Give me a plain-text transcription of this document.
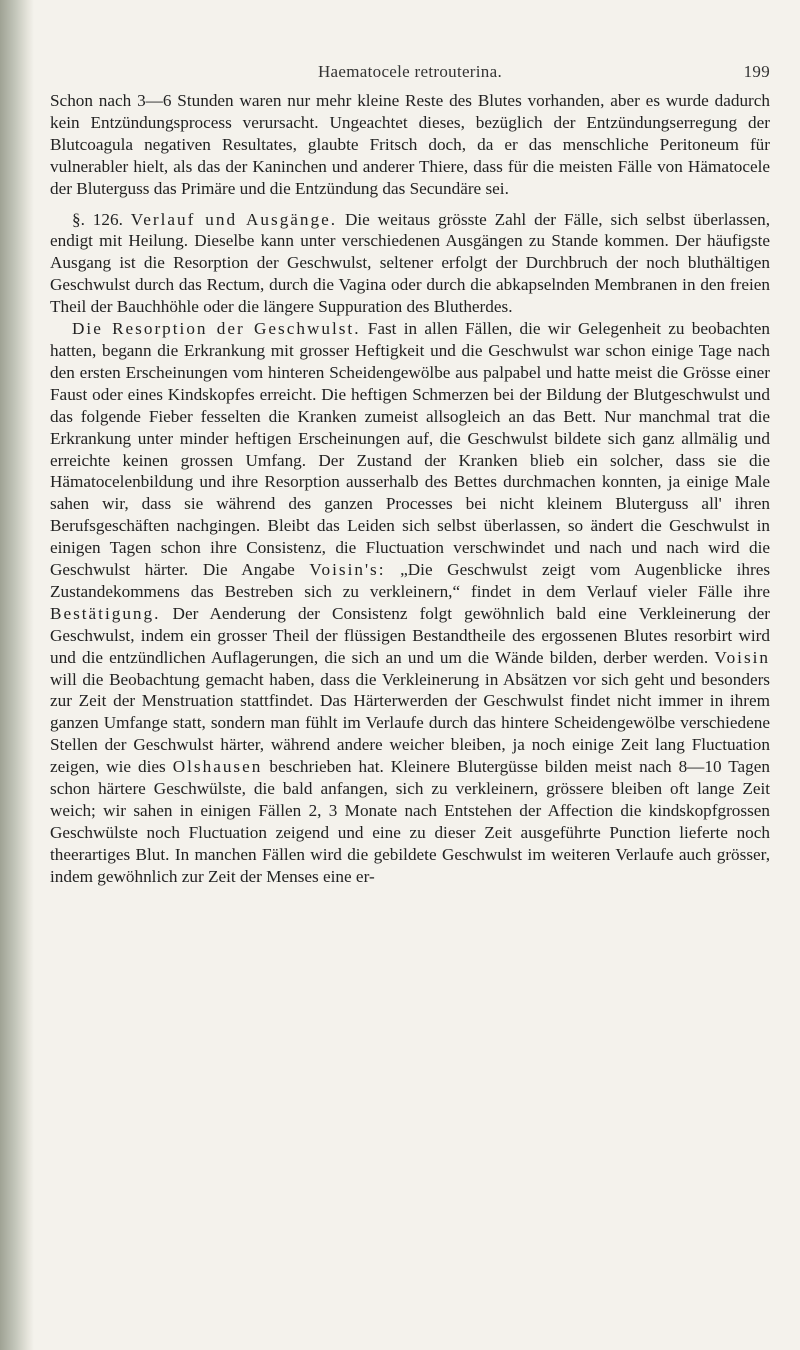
Haematocele retrouterina.	199

Schon nach 3—6 Stunden waren nur mehr kleine Reste des Blutes vorhanden, aber es wurde dadurch kein Entzündungsprocess verursacht. Ungeachtet dieses, bezüglich der Entzündungserregung der Blutcoagula negativen Resultates, glaubte Fritsch doch, da er das menschliche Peritoneum für vulnerabler hielt, als das der Kaninchen und anderer Thiere, dass für die meisten Fälle von Hämatocele der Bluterguss das Primäre und die Entzündung das Secundäre sei.

§. 126. Verlauf und Ausgänge. Die weitaus grösste Zahl der Fälle, sich selbst überlassen, endigt mit Heilung. Dieselbe kann unter verschiedenen Ausgängen zu Stande kommen. Der häufigste Ausgang ist die Resorption der Geschwulst, seltener erfolgt der Durchbruch der noch bluthältigen Geschwulst durch das Rectum, durch die Vagina oder durch die abkapselnden Membranen in den freien Theil der Bauchhöhle oder die längere Suppuration des Blutherdes.

Die Resorption der Geschwulst. Fast in allen Fällen, die wir Gelegenheit zu beobachten hatten, begann die Erkrankung mit grosser Heftigkeit und die Geschwulst war schon einige Tage nach den ersten Erscheinungen vom hinteren Scheidengewölbe aus palpabel und hatte meist die Grösse einer Faust oder eines Kindskopfes erreicht. Die heftigen Schmerzen bei der Bildung der Blutgeschwulst und das folgende Fieber fesselten die Kranken zumeist allsogleich an das Bett. Nur manchmal trat die Erkrankung unter minder heftigen Erscheinungen auf, die Geschwulst bildete sich ganz allmälig und erreichte keinen grossen Umfang. Der Zustand der Kranken blieb ein solcher, dass sie die Hämatocelenbildung und ihre Resorption ausserhalb des Bettes durchmachen konnten, ja einige Male sahen wir, dass sie während des ganzen Processes bei nicht kleinem Bluterguss all' ihren Berufsgeschäften nachgingen. Bleibt das Leiden sich selbst überlassen, so ändert die Geschwulst in einigen Tagen schon ihre Consistenz, die Fluctuation verschwindet und nach und nach wird die Geschwulst härter. Die Angabe Voisin's: „Die Geschwulst zeigt vom Augenblicke ihres Zustandekommens das Bestreben sich zu verkleinern,“ findet in dem Verlauf vieler Fälle ihre Bestätigung. Der Aenderung der Consistenz folgt gewöhnlich bald eine Verkleinerung der Geschwulst, indem ein grosser Theil der flüssigen Bestandtheile des ergossenen Blutes resorbirt wird und die entzündlichen Auflagerungen, die sich an und um die Wände bilden, derber werden. Voisin will die Beobachtung gemacht haben, dass die Verkleinerung in Absätzen vor sich geht und besonders zur Zeit der Menstruation stattfindet. Das Härterwerden der Geschwulst findet nicht immer in ihrem ganzen Umfange statt, sondern man fühlt im Verlaufe durch das hintere Scheidengewölbe verschiedene Stellen der Geschwulst härter, während andere weicher bleiben, ja noch einige Zeit lang Fluctuation zeigen, wie dies Olshausen beschrieben hat. Kleinere Blutergüsse bilden meist nach 8—10 Tagen schon härtere Geschwülste, die bald anfangen, sich zu verkleinern, grössere bleiben oft lange Zeit weich; wir sahen in einigen Fällen 2, 3 Monate nach Entstehen der Affection die kindskopfgrossen Geschwülste noch Fluctuation zeigend und eine zu dieser Zeit ausgeführte Punction lieferte noch theerartiges Blut. In manchen Fällen wird die gebildete Geschwulst im weiteren Verlaufe auch grösser, indem gewöhnlich zur Zeit der Menses eine er-
